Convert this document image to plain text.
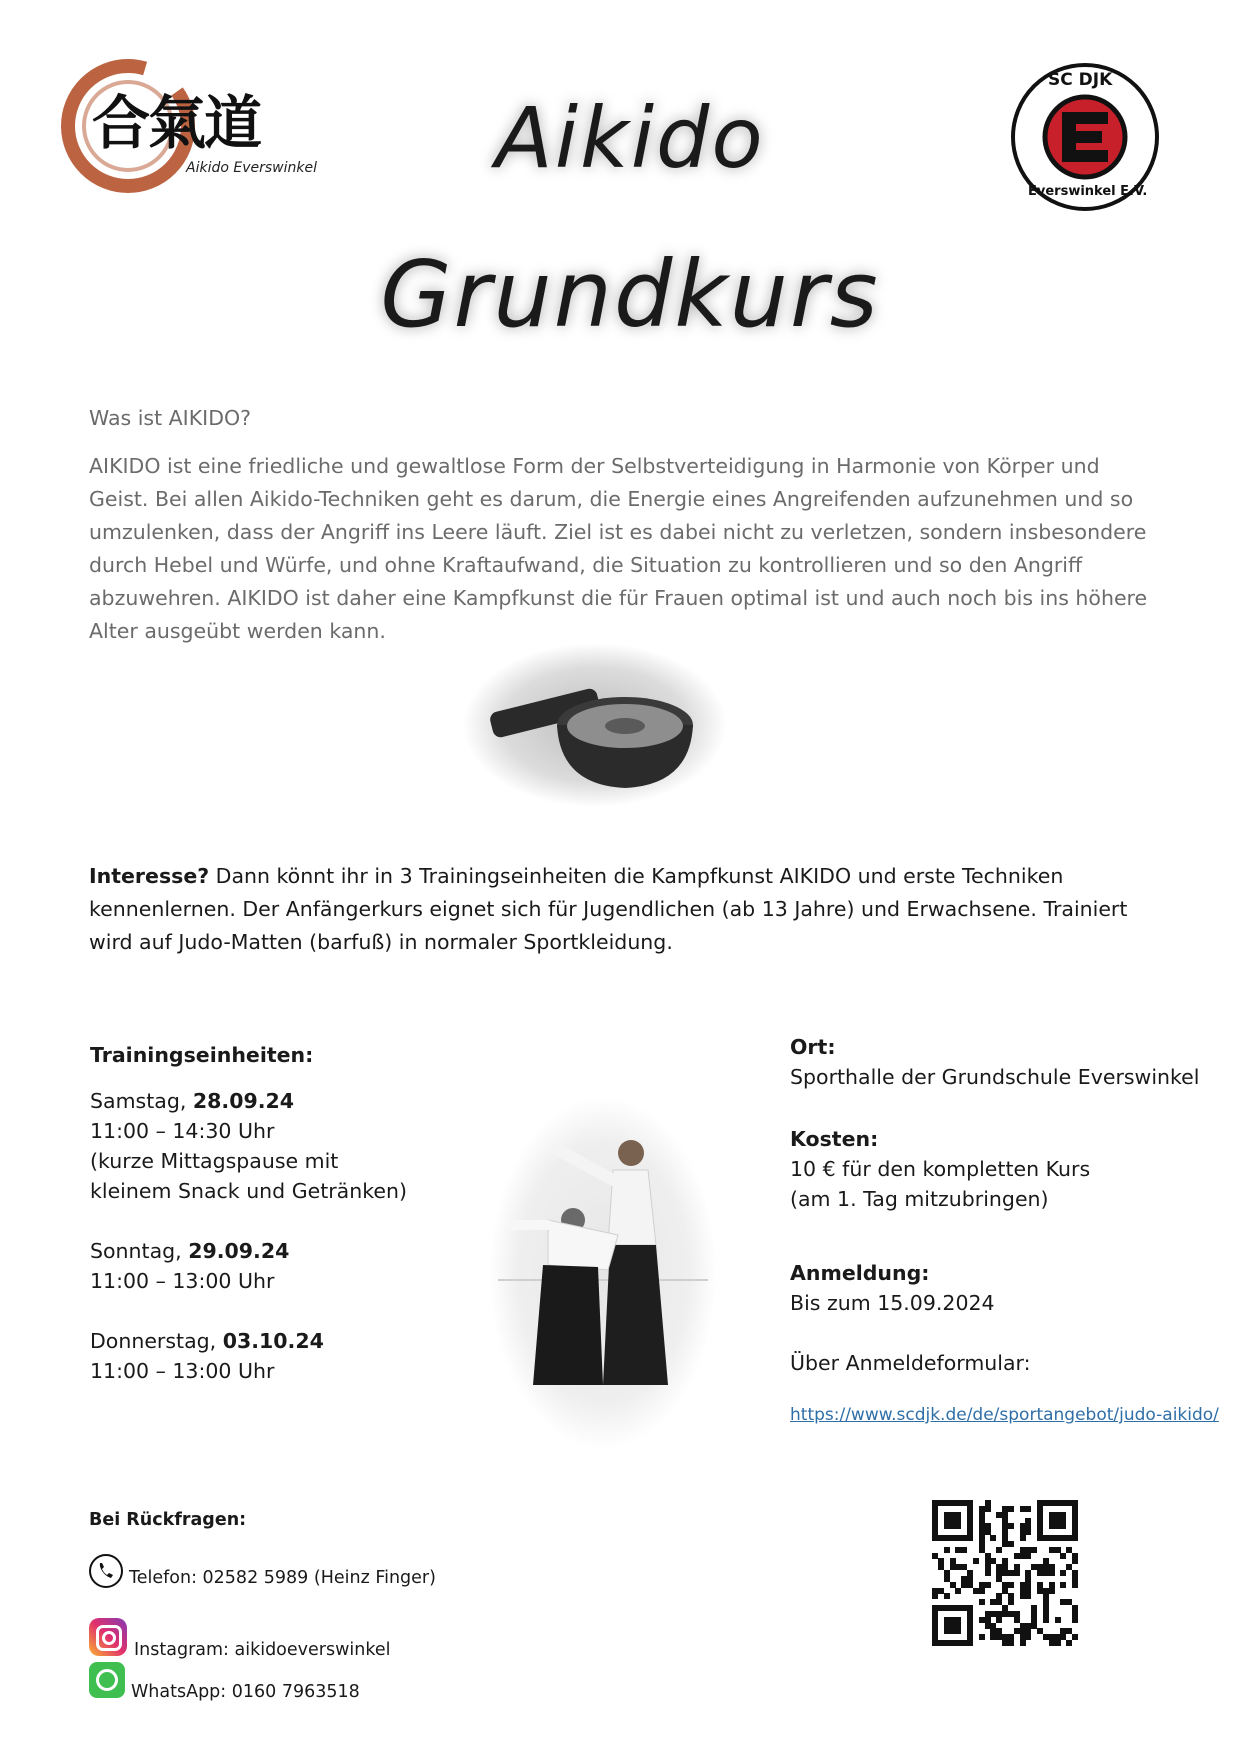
合氣道
Aikido Everswinkel	Aikido
Grundkurs
SC DJK
Everswinkel E.V.
Was ist AIKIDO?
AIKIDO ist eine friedliche und gewaltlose Form der Selbstverteidigung in Harmonie von Körper und
Geist. Bei allen Aikido-Techniken geht es darum, die Energie eines Angreifenden aufzunehmen und so
umzulenken, dass der Angriff ins Leere läuft. Ziel ist es dabei nicht zu verletzen, sondern insbesondere
durch Hebel und Würfe, und ohne Kraftaufwand, die Situation zu kontrollieren und so den Angriff
abzuwehren. AIKIDO ist daher eine Kampfkunst die für Frauen optimal ist und auch noch bis ins höhere
Alter ausgeübt werden kann.
Interesse? Dann könnt ihr in 3 Trainingseinheiten die Kampfkunst AIKIDO und erste Techniken
kennenlernen. Der Anfängerkurs eignet sich für Jugendlichen (ab 13 Jahre) und Erwachsene. Trainiert
wird auf Judo-Matten (barfuß) in normaler Sportkleidung.
Trainingseinheiten:
Samstag, 28.09.24
11:00 – 14:30 Uhr
(kurze Mittagspause mit
kleinem Snack und Getränken)
Sonntag, 29.09.24
11:00 – 13:00 Uhr
Donnerstag, 03.10.24
11:00 – 13:00 Uhr
Ort:
Sporthalle der Grundschule Everswinkel
Kosten:
10 € für den kompletten Kurs
(am 1. Tag mitzubringen)
Anmeldung:
Bis zum 15.09.2024
Über Anmeldeformular:
https://www.scdjk.de/de/sportangebot/judo-aikido/
Bei Rückfragen:
Telefon: 02582 5989 (Heinz Finger)
Instagram: aikidoeverswinkel
WhatsApp: 0160 7963518
